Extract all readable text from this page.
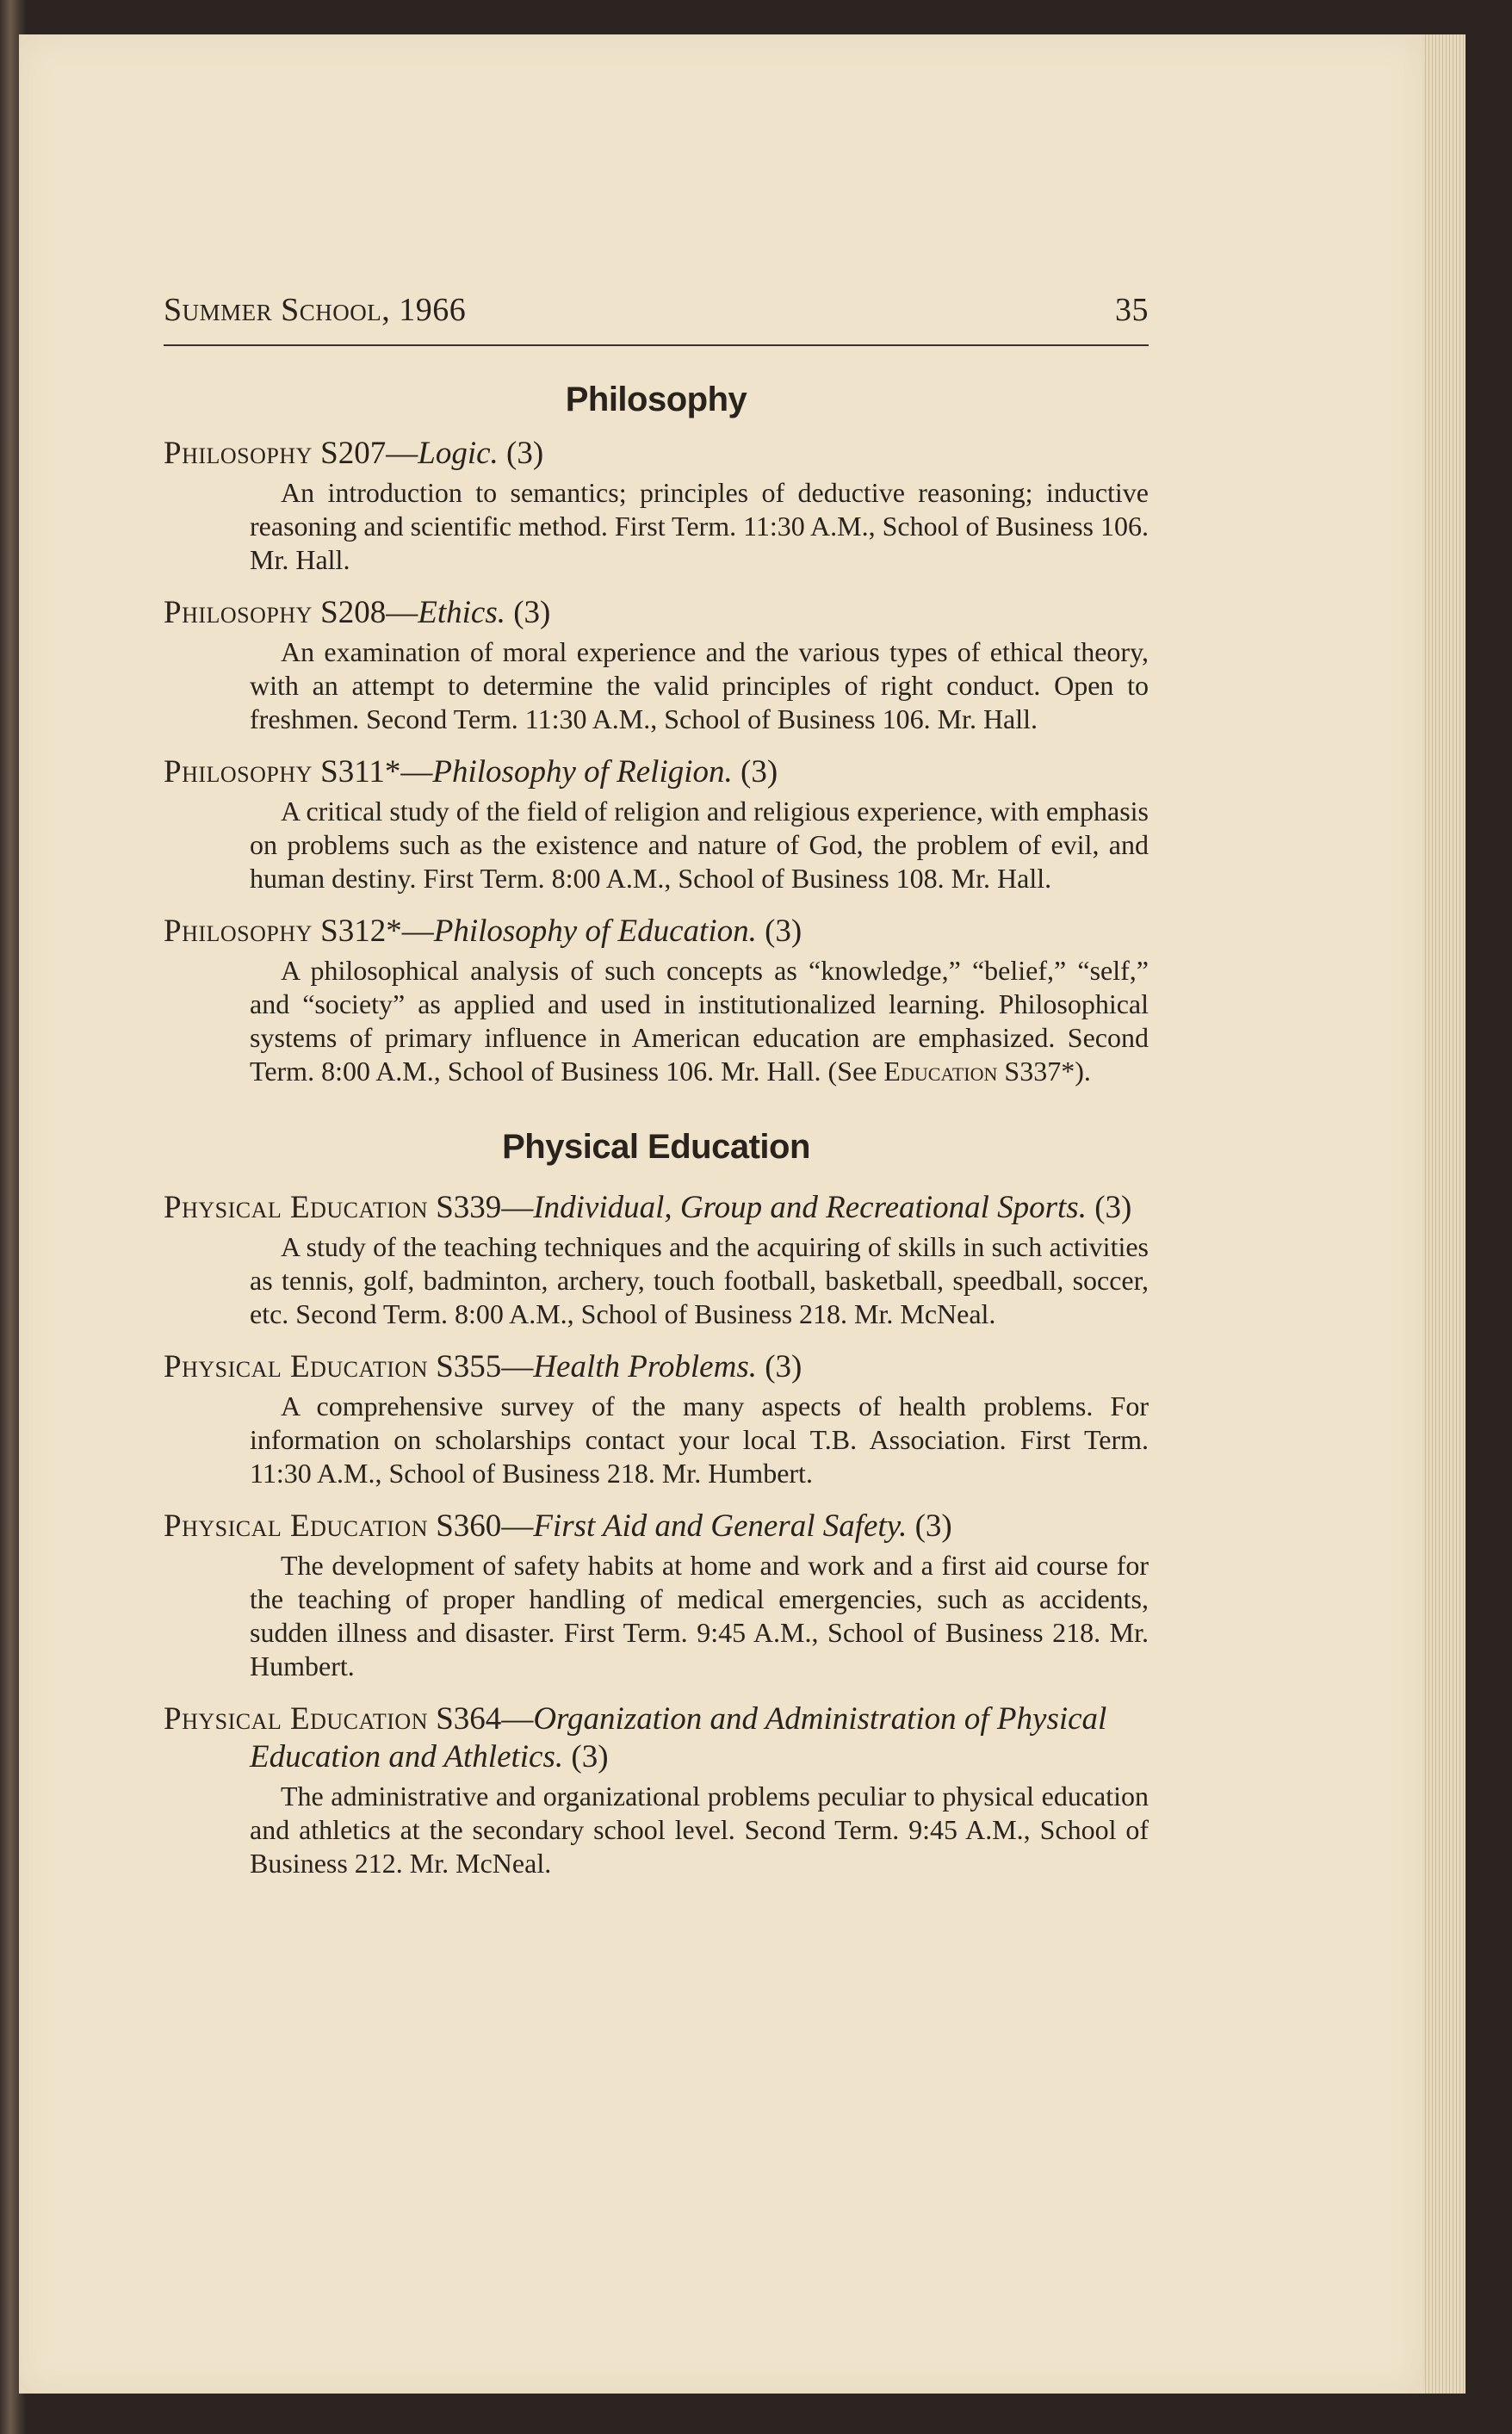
Summer School, 1966	35
Philosophy
Philosophy S207—Logic. (3)
An introduction to semantics; principles of deductive reasoning; inductive reasoning and scientific method. First Term. 11:30 A.M., School of Business 106. Mr. Hall.
Philosophy S208—Ethics. (3)
An examination of moral experience and the various types of ethical theory, with an attempt to determine the valid principles of right conduct. Open to freshmen. Second Term. 11:30 A.M., School of Business 106. Mr. Hall.
Philosophy S311*—Philosophy of Religion. (3)
A critical study of the field of religion and religious experience, with emphasis on problems such as the existence and nature of God, the problem of evil, and human destiny. First Term. 8:00 A.M., School of Business 108. Mr. Hall.
Philosophy S312*—Philosophy of Education. (3)
A philosophical analysis of such concepts as “knowledge,” “belief,” “self,” and “society” as applied and used in institutionalized learning. Philosophical systems of primary influence in American education are emphasized. Second Term. 8:00 A.M., School of Business 106. Mr. Hall. (See Education S337*).
Physical Education
Physical Education S339—Individual, Group and Recreational Sports. (3)
A study of the teaching techniques and the acquiring of skills in such activities as tennis, golf, badminton, archery, touch football, basketball, speedball, soccer, etc. Second Term. 8:00 A.M., School of Business 218. Mr. McNeal.
Physical Education S355—Health Problems. (3)
A comprehensive survey of the many aspects of health problems. For information on scholarships contact your local T.B. Association. First Term. 11:30 A.M., School of Business 218. Mr. Humbert.
Physical Education S360—First Aid and General Safety. (3)
The development of safety habits at home and work and a first aid course for the teaching of proper handling of medical emergencies, such as accidents, sudden illness and disaster. First Term. 9:45 A.M., School of Business 218. Mr. Humbert.
Physical Education S364—Organization and Administration of Physical Education and Athletics. (3)
The administrative and organizational problems peculiar to physical education and athletics at the secondary school level. Second Term. 9:45 A.M., School of Business 212. Mr. McNeal.
